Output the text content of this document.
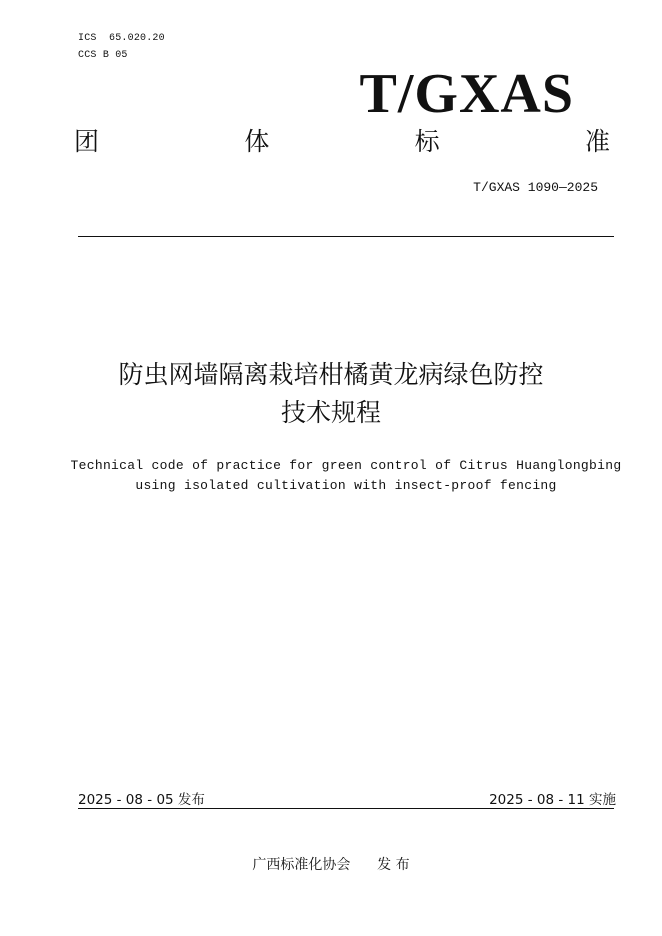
ICS 65.020.20
CCS B 05
T/GXAS
团	体	标	准
T/GXAS 1090—2025
防虫网墙隔离栽培柑橘黄龙病绿色防控
技术规程
Technical code of practice for green control of Citrus Huanglongbing
using isolated cultivation with insect-proof fencing
2025 - 08 - 05 发布	2025 - 08 - 11 实施
广西标准化协会 发 布
